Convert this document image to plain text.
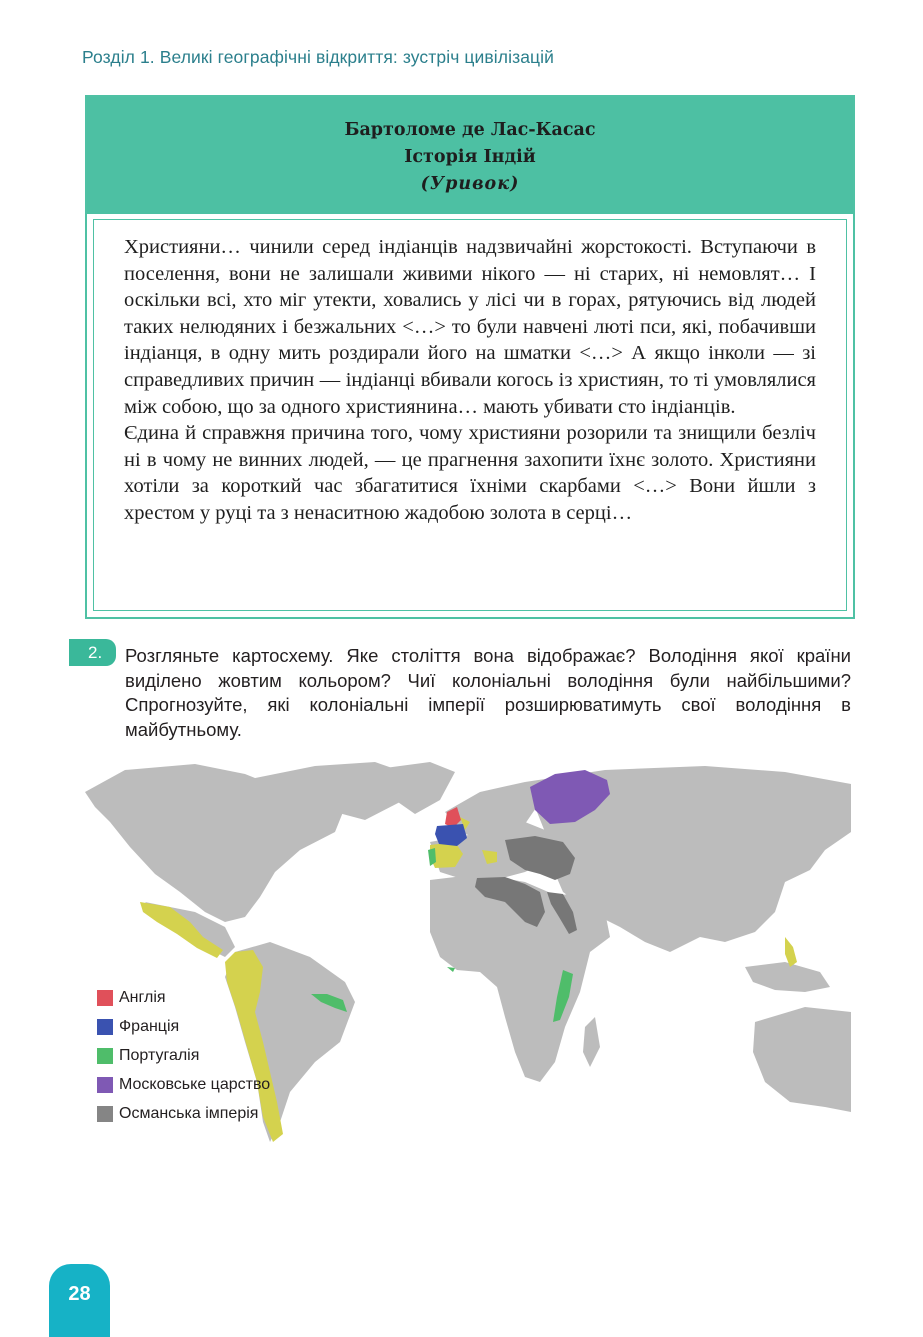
Розділ 1. Великі географічні відкриття: зустріч цивілізацій
Бартоломе де Лас-Касас
Історія Індій
(Уривок)

Християни… чинили серед індіанців надзвичайні жорстокості. Вступаючи в поселення, вони не залишали живими нікого — ні старих, ні немовлят… І оскільки всі, хто міг утекти, ховались у лісі чи в горах, рятуючись від людей таких нелюдяних і безжальних <…> то були навчені люті пси, які, побачивши індіанця, в одну мить роздирали його на шматки <…> А якщо інколи — зі справедливих причин — індіанці вбивали когось із християн, то ті умовлялися між собою, що за одного християнина… мають убивати сто індіанців.

Єдина й справжня причина того, чому християни розорили та знищили безліч ні в чому не винних людей, — це прагнення захопити їхнє золото. Християни хотіли за короткий час збагатитися їхніми скарбами <…> Вони йшли з хрестом у руці та з ненаситною жадобою золота в серці…

2.	Розгляньте картосхему. Яке століття вона відображає? Володіння якої країни виділено жовтим кольором? Чиї колоніальні володіння були найбільшими? Спрогнозуйте, які колоніальні імперії розширюватимуть свої володіння в майбутньому.
Англія
Франція
Португалія
Московське царство
Османська імперія
28
